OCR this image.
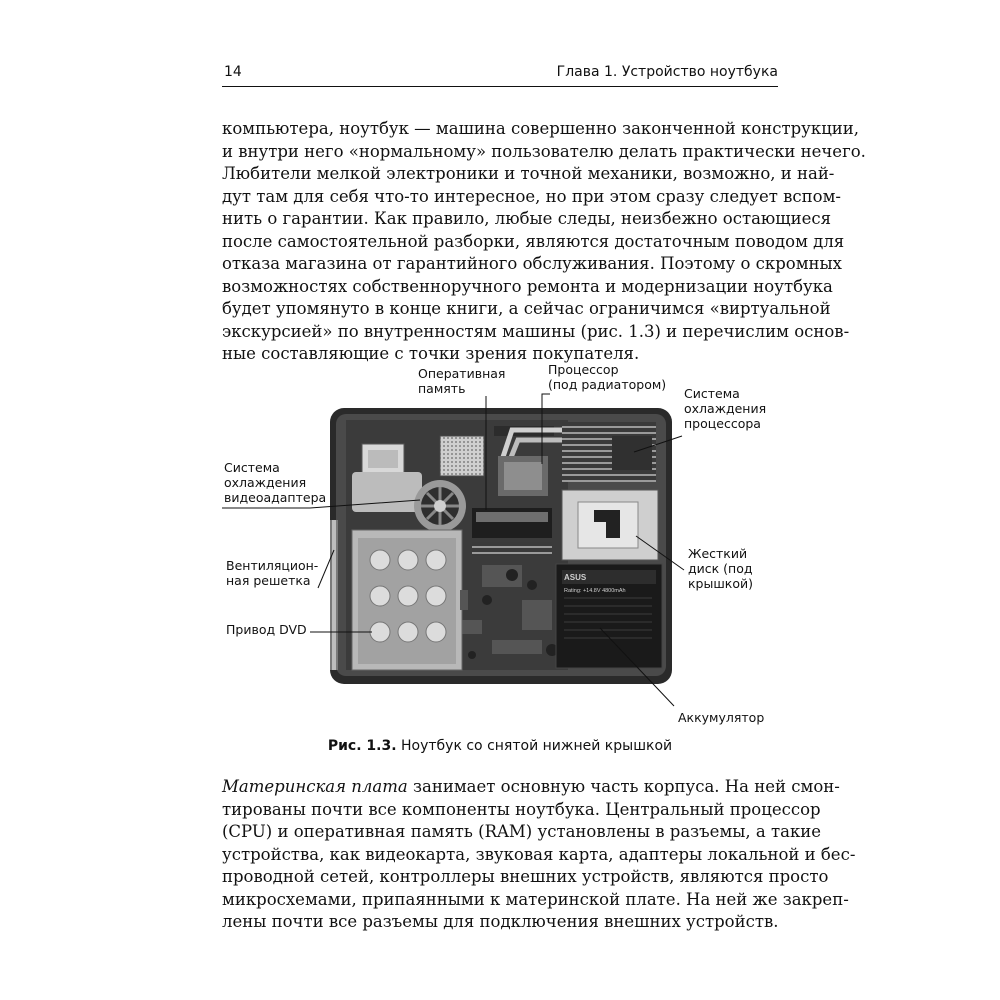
14	Глава 1. Устройство ноутбука
компьютера, ноутбук — машина совершенно законченной конструкции,
и внутри него «нормальному» пользователю делать практически нечего.
Любители мелкой электроники и точной механики, возможно, и най-
дут там для себя что-то интересное, но при этом сразу следует вспом-
нить о гарантии. Как правило, любые следы, неизбежно остающиеся
после самостоятельной разборки, являются достаточным поводом для
отказа магазина от гарантийного обслуживания. Поэтому о скромных
возможностях собственноручного ремонта и модернизации ноутбука
будет упомянуто в конце книги, а сейчас ограничимся «виртуальной
экскурсией» по внутренностям машины (рис. 1.3) и перечислим основ-
ные составляющие с точки зрения покупателя.
ASUS
Rating: +14.8V 4800mAh
Оперативная
память
Процессор
(под радиатором)
Система
охлаждения
процессора
Система
охлаждения
видеоадаптера
Вентиляцион-
ная решетка
Привод DVD
Жесткий
диск (под
крышкой)
Аккумулятор
Рис. 1.3. Ноутбук со снятой нижней крышкой
Материнская плата занимает основную часть корпуса. На ней смон-
тированы почти все компоненты ноутбука. Центральный процессор
(CPU) и оперативная память (RAM) установлены в разъемы, а такие
устройства, как видеокарта, звуковая карта, адаптеры локальной и бес-
проводной сетей, контроллеры внешних устройств, являются просто
микросхемами, припаянными к материнской плате. На ней же закреп-
лены почти все разъемы для подключения внешних устройств.
